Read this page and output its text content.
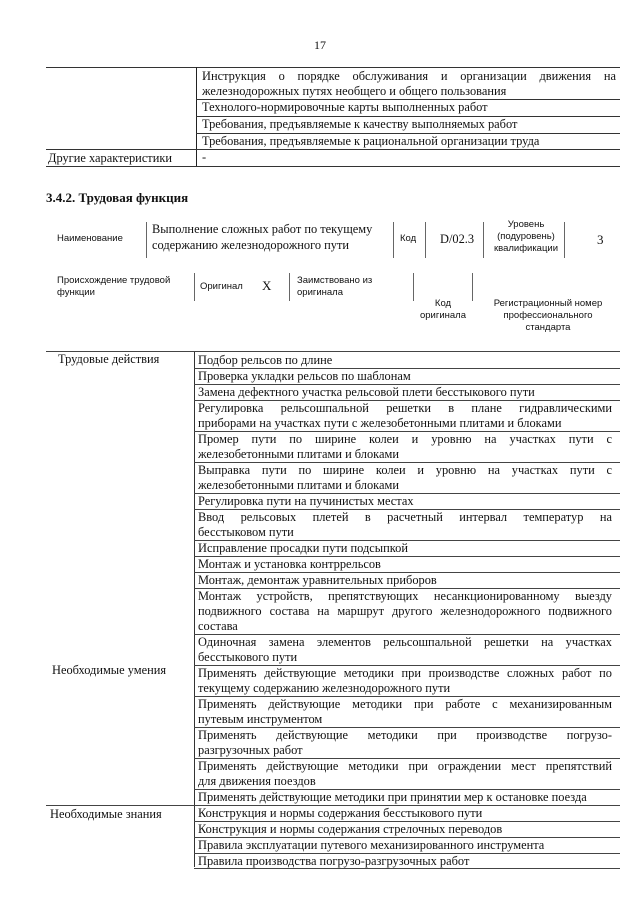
17
Инструкция о порядке обслуживания и организации движения на
железнодорожных путях необщего и общего пользования
Технолого-нормировочные карты выполненных работ
Требования, предъявляемые к качеству выполняемых работ
Требования, предъявляемые к рациональной организации труда
Другие характеристики -
3.4.2. Трудовая функция
Наименование
Выполнение сложных работ по текущему
содержанию железнодорожного пути	Код D/02.3
Уровень
(подуровень)
квалификации
3
Происхождение трудовой
функции
Оригинал X	Заимствовано из
оригинала
Код
оригинала
Регистрационный номер
профессионального
стандарта
Трудовые действия
Необходимые умения
Необходимые знания
Подбор рельсов по длине
Проверка укладки рельсов по шаблонам
Замена дефектного участка рельсовой плети бесстыкового пути
Регулировка рельсошпальной решетки в плане гидравлическими
приборами на участках пути с железобетонными плитами и блоками
Промер пути по ширине колеи и уровню на участках пути с
железобетонными плитами и блоками
Выправка пути по ширине колеи и уровню на участках пути с
железобетонными плитами и блоками
Регулировка пути на пучинистых местах
Ввод рельсовых плетей в расчетный интервал температур на
бесстыковом пути
Исправление просадки пути подсыпкой
Монтаж и установка контррельсов
Монтаж, демонтаж уравнительных приборов
Монтаж устройств, препятствующих несанкционированному выезду
подвижного состава на маршрут другого железнодорожного подвижного
состава
Одиночная замена элементов рельсошпальной решетки на участках
бесстыкового пути
Применять действующие методики при производстве сложных работ по
текущему содержанию железнодорожного пути
Применять действующие методики при работе с механизированным
путевым инструментом
Применять действующие методики при производстве погрузо-
разгрузочных работ
Применять действующие методики при ограждении мест препятствий
для движения поездов
Применять действующие методики при принятии мер к остановке поезда
Конструкция и нормы содержания бесстыкового пути
Конструкция и нормы содержания стрелочных переводов
Правила эксплуатации путевого механизированного инструмента
Правила производства погрузо-разгрузочных работ
